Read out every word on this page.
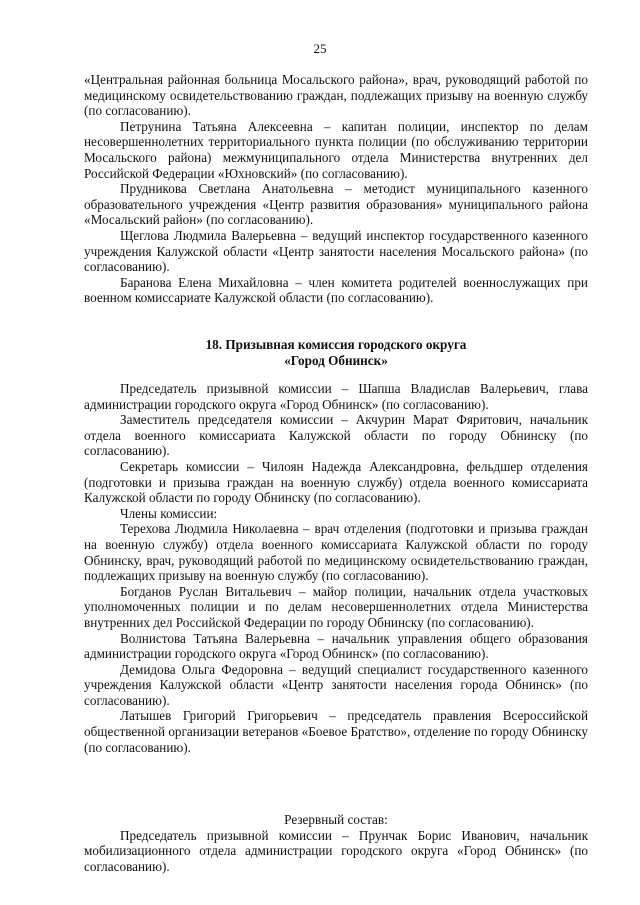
25

«Центральная районная больница Мосальского района», врач, руководящий работой по медицинскому освидетельствованию граждан, подлежащих призыву на военную службу (по согласованию).

Петрунина Татьяна Алексеевна – капитан полиции, инспектор по делам несовершеннолетних территориального пункта полиции (по обслуживанию территории Мосальского района) межмуниципального отдела Министерства внутренних дел Российской Федерации «Юхновский» (по согласованию).

Прудникова Светлана Анатольевна – методист муниципального казенного образовательного учреждения «Центр развития образования» муниципального района «Мосальский район» (по согласованию).

Щеглова Людмила Валерьевна – ведущий инспектор государственного казенного учреждения Калужской области «Центр занятости населения Мосальского района» (по согласованию).

Баранова Елена Михайловна – член комитета родителей военнослужащих при военном комиссариате Калужской области (по согласованию).

18. Призывная комиссия городского округа

«Город Обнинск»

Председатель призывной комиссии – Шапша Владислав Валерьевич, глава администрации городского округа «Город Обнинск» (по согласованию).

Заместитель председателя комиссии – Акчурин Марат Фяритович, начальник отдела военного комиссариата Калужской области по городу Обнинску (по согласованию).

Секретарь комиссии – Чилоян Надежда Александровна, фельдшер отделения (подготовки и призыва граждан на военную службу) отдела военного комиссариата Калужской области по городу Обнинску (по согласованию).

Члены комиссии:

Терехова Людмила Николаевна – врач отделения (подготовки и призыва граждан на военную службу) отдела военного комиссариата Калужской области по городу Обнинску, врач, руководящий работой по медицинскому освидетельствованию граждан, подлежащих призыву на военную службу (по согласованию).

Богданов Руслан Витальевич – майор полиции, начальник отдела участковых уполномоченных полиции и по делам несовершеннолетних отдела Министерства внутренних дел Российской Федерации по городу Обнинску (по согласованию).

Волнистова Татьяна Валерьевна – начальник управления общего образования администрации городского округа «Город Обнинск» (по согласованию).

Демидова Ольга Федоровна – ведущий специалист государственного казенного учреждения Калужской области «Центр занятости населения города Обнинск» (по согласованию).

Латышев Григорий Григорьевич – председатель правления Всероссийской общественной организации ветеранов «Боевое Братство», отделение по городу Обнинску (по согласованию).

Резервный состав:

Председатель призывной комиссии – Прунчак Борис Иванович, начальник мобилизационного отдела администрации городского округа «Город Обнинск» (по согласованию).
